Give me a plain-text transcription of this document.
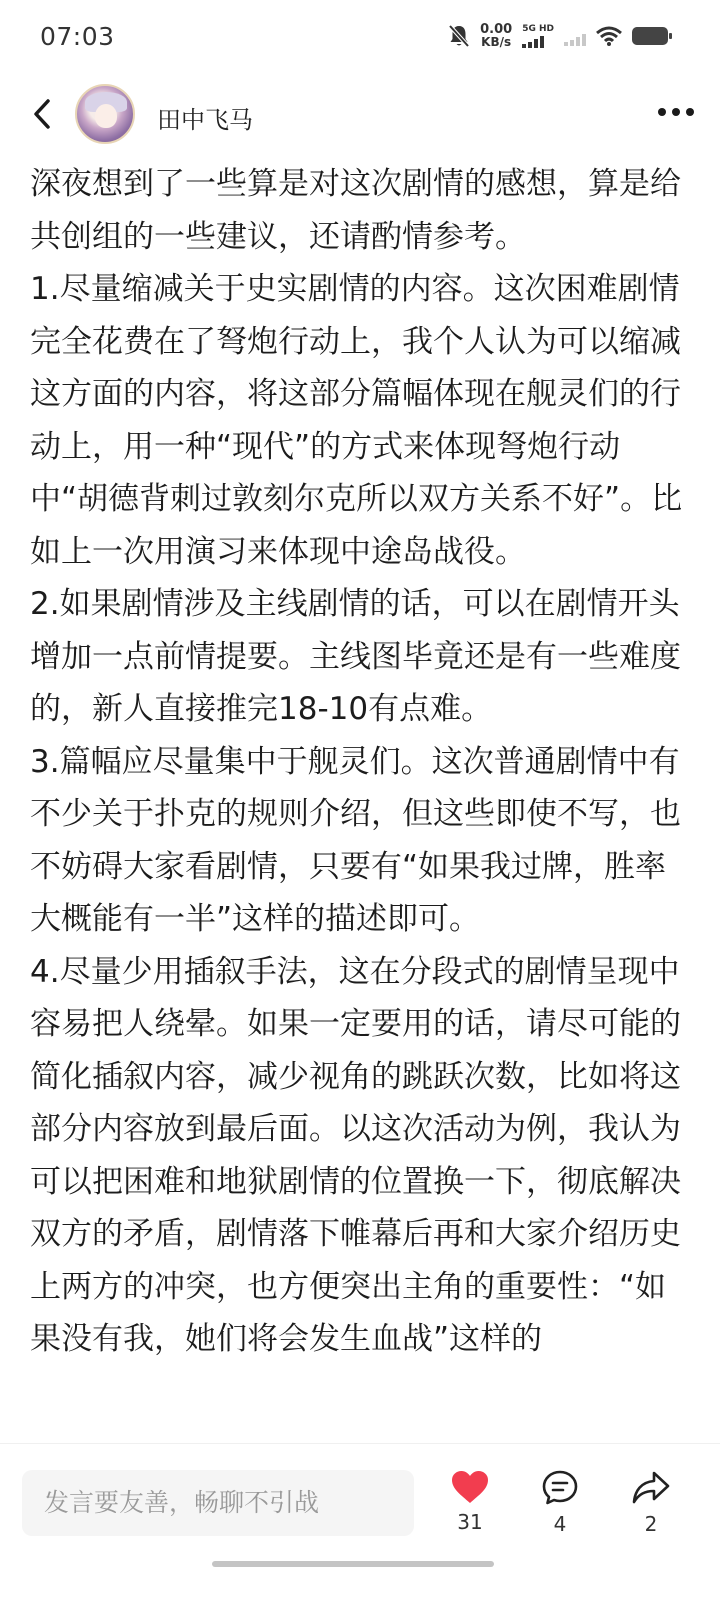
07:03	0.00
KB/s
5G HD
田中飞马

深夜想到了一些算是对这次剧情的感想，算是给共创组的一些建议，还请酌情参考。

1.尽量缩减关于史实剧情的内容。这次困难剧情完全花费在了弩炮行动上，我个人认为可以缩减这方面的内容，将这部分篇幅体现在舰灵们的行动上，用一种“现代”的方式来体现弩炮行动中“胡德背刺过敦刻尔克所以双方关系不好”。比如上一次用演习来体现中途岛战役。

2.如果剧情涉及主线剧情的话，可以在剧情开头增加一点前情提要。主线图毕竟还是有一些难度的，新人直接推完18-10有点难。

3.篇幅应尽量集中于舰灵们。这次普通剧情中有不少关于扑克的规则介绍，但这些即使不写，也不妨碍大家看剧情，只要有“如果我过牌，胜率大概能有一半”这样的描述即可。

4.尽量少用插叙手法，这在分段式的剧情呈现中容易把人绕晕。如果一定要用的话，请尽可能的简化插叙内容，减少视角的跳跃次数，比如将这部分内容放到最后面。以这次活动为例，我认为可以把困难和地狱剧情的位置换一下，彻底解决双方的矛盾，剧情落下帷幕后再和大家介绍历史上两方的冲突，也方便突出主角的重要性：“如果没有我，她们将会发生血战”这样的

发言要友善，畅聊不引战
31	4	2
